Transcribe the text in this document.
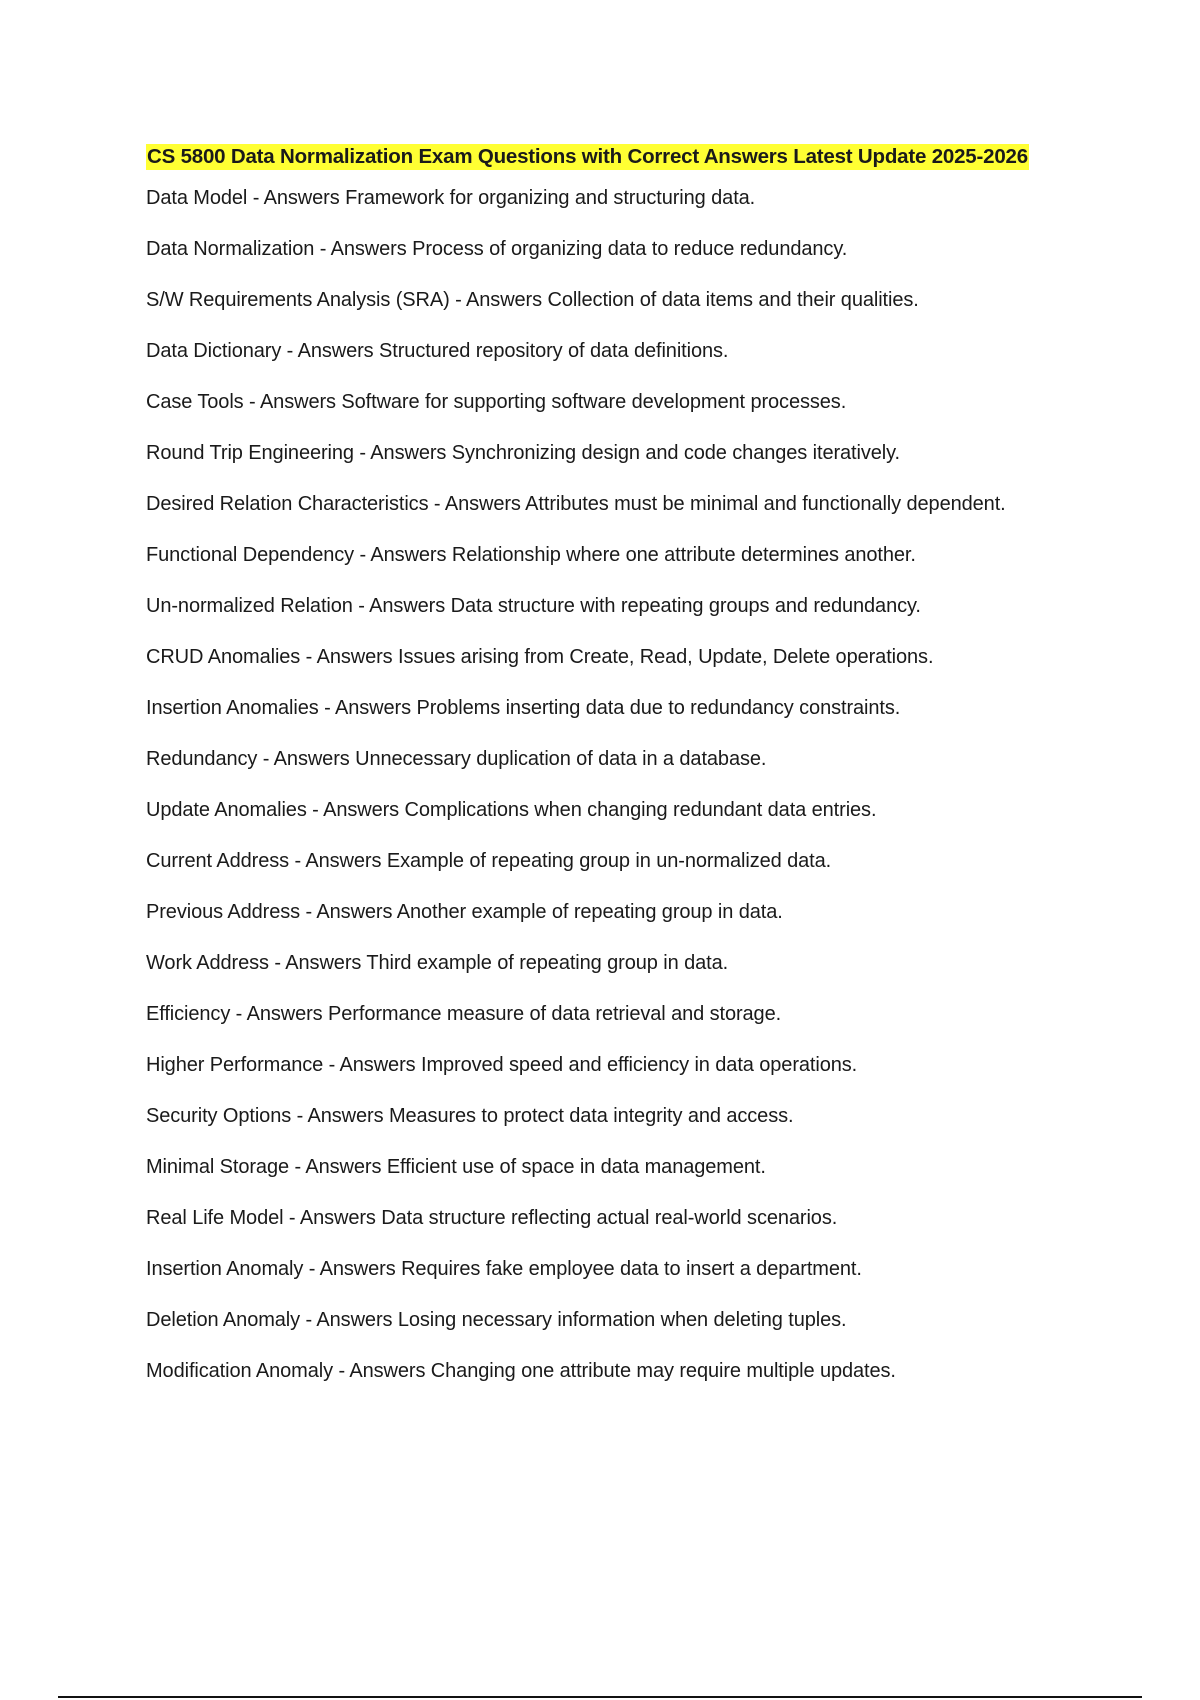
CS 5800 Data Normalization Exam Questions with Correct Answers Latest Update 2025-2026
Data Model - Answers Framework for organizing and structuring data.
Data Normalization - Answers Process of organizing data to reduce redundancy.
S/W Requirements Analysis (SRA) - Answers Collection of data items and their qualities.
Data Dictionary - Answers Structured repository of data definitions.
Case Tools - Answers Software for supporting software development processes.
Round Trip Engineering - Answers Synchronizing design and code changes iteratively.
Desired Relation Characteristics - Answers Attributes must be minimal and functionally dependent.
Functional Dependency - Answers Relationship where one attribute determines another.
Un-normalized Relation - Answers Data structure with repeating groups and redundancy.
CRUD Anomalies - Answers Issues arising from Create, Read, Update, Delete operations.
Insertion Anomalies - Answers Problems inserting data due to redundancy constraints.
Redundancy - Answers Unnecessary duplication of data in a database.
Update Anomalies - Answers Complications when changing redundant data entries.
Current Address - Answers Example of repeating group in un-normalized data.
Previous Address - Answers Another example of repeating group in data.
Work Address - Answers Third example of repeating group in data.
Efficiency - Answers Performance measure of data retrieval and storage.
Higher Performance - Answers Improved speed and efficiency in data operations.
Security Options - Answers Measures to protect data integrity and access.
Minimal Storage - Answers Efficient use of space in data management.
Real Life Model - Answers Data structure reflecting actual real-world scenarios.
Insertion Anomaly - Answers Requires fake employee data to insert a department.
Deletion Anomaly - Answers Losing necessary information when deleting tuples.
Modification Anomaly - Answers Changing one attribute may require multiple updates.
